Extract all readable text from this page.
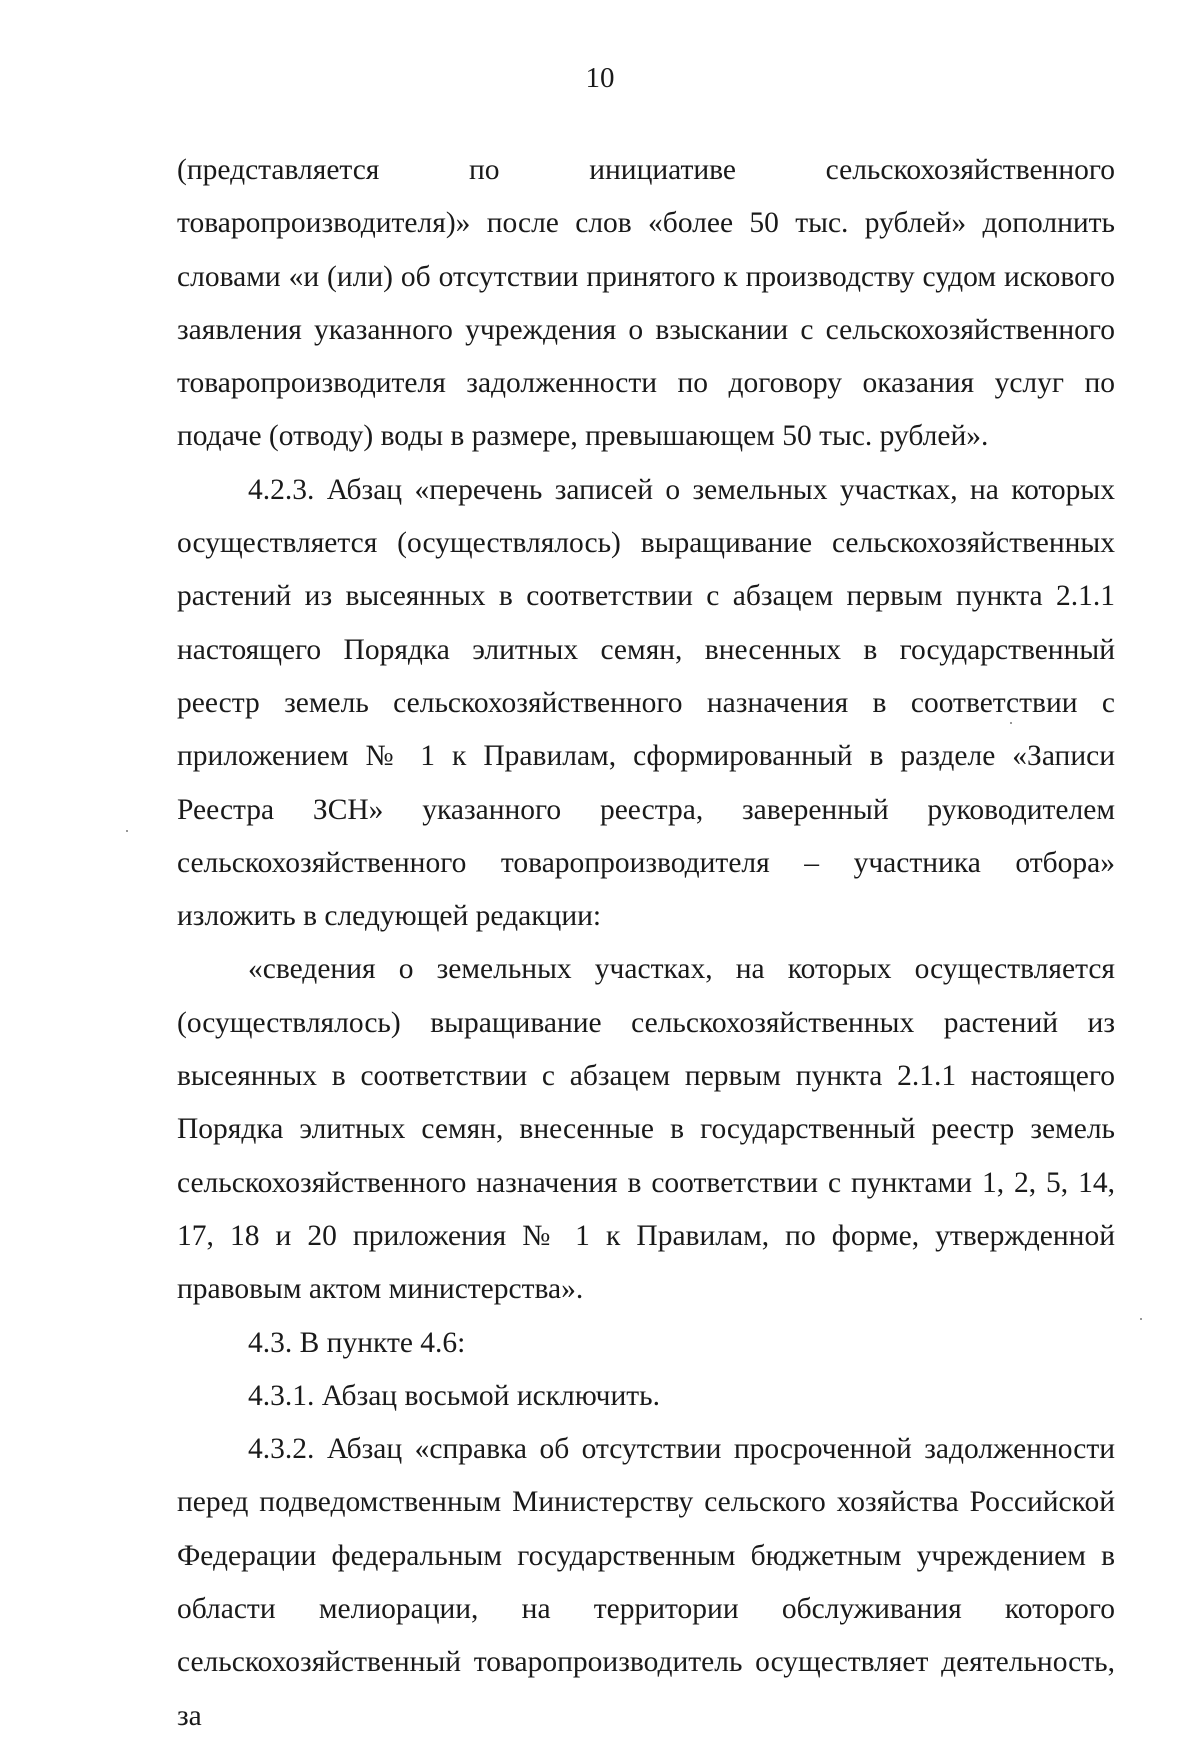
10

(представляется по инициативе сельскохозяйственного товаропроизводителя)» после слов «более 50 тыс. рублей» дополнить словами «и (или) об отсутствии принятого к производству судом искового заявления указанного учреждения о взыскании с сельскохозяйственного товаропроизводителя задолженности по договору оказания услуг по подаче (отводу) воды в размере, превышающем 50 тыс. рублей».

4.2.3. Абзац «перечень записей о земельных участках, на которых осуществляется (осуществлялось) выращивание сельскохозяйственных растений из высеянных в соответствии с абзацем первым пункта 2.1.1 настоящего Порядка элитных семян, внесенных в государственный реестр земель сельскохозяйственного назначения в соответствии с приложением № 1 к Правилам, сформированный в разделе «Записи Реестра ЗСН» указанного реестра, заверенный руководителем сельскохозяйственного товаропроизводителя – участника отбора» изложить в следующей редакции:

«сведения о земельных участках, на которых осуществляется (осуществлялось) выращивание сельскохозяйственных растений из высеянных в соответствии с абзацем первым пункта 2.1.1 настоящего Порядка элитных семян, внесенные в государственный реестр земель сельскохозяйственного назначения в соответствии с пунктами 1, 2, 5, 14, 17, 18 и 20 приложения № 1 к Правилам, по форме, утвержденной правовым актом министерства».

4.3. В пункте 4.6:

4.3.1. Абзац восьмой исключить.

4.3.2. Абзац «справка об отсутствии просроченной задолженности перед подведомственным Министерству сельского хозяйства Российской Федерации федеральным государственным бюджетным учреждением в области мелиорации, на территории обслуживания которого сельскохозяйственный товаропроизводитель осуществляет деятельность, за
